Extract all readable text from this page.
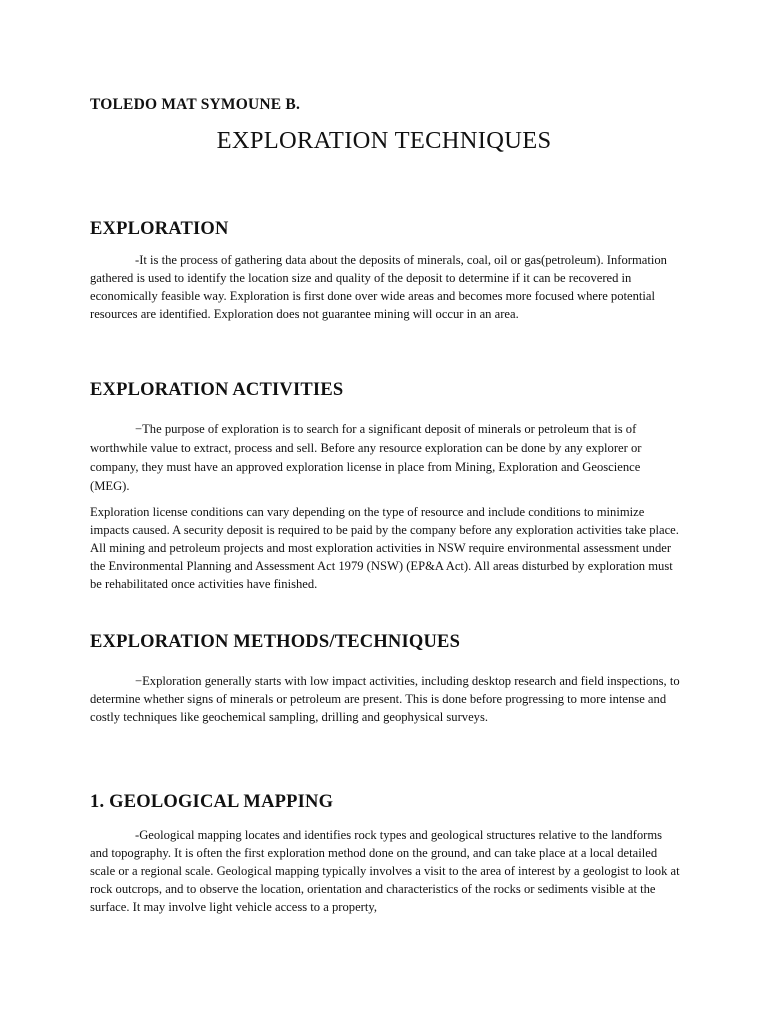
TOLEDO MAT SYMOUNE B.

EXPLORATION TECHNIQUES
EXPLORATION

-It is the process of gathering data about the deposits of minerals, coal, oil or gas(petroleum). Information gathered is used to identify the location size and quality of the deposit to determine if it can be recovered in economically feasible way. Exploration is first done over wide areas and becomes more focused where potential resources are identified. Exploration does not guarantee mining will occur in an area.

EXPLORATION ACTIVITIES

−The purpose of exploration is to search for a significant deposit of minerals or petroleum that is of worthwhile value to extract, process and sell. Before any resource exploration can be done by any explorer or company, they must have an approved exploration license in place from Mining, Exploration and Geoscience (MEG).

Exploration license conditions can vary depending on the type of resource and include conditions to minimize impacts caused. A security deposit is required to be paid by the company before any exploration activities take place. All mining and petroleum projects and most exploration activities in NSW require environmental assessment under the Environmental Planning and Assessment Act 1979 (NSW) (EP&A Act). All areas disturbed by exploration must be rehabilitated once activities have finished.

EXPLORATION METHODS/TECHNIQUES

−Exploration generally starts with low impact activities, including desktop research and field inspections, to determine whether signs of minerals or petroleum are present. This is done before progressing to more intense and costly techniques like geochemical sampling, drilling and geophysical surveys.

1. GEOLOGICAL MAPPING

-Geological mapping locates and identifies rock types and geological structures relative to the landforms and topography. It is often the first exploration method done on the ground, and can take place at a local detailed scale or a regional scale. Geological mapping typically involves a visit to the area of interest by a geologist to look at rock outcrops, and to observe the location, orientation and characteristics of the rocks or sediments visible at the surface. It may involve light vehicle access to a property,
